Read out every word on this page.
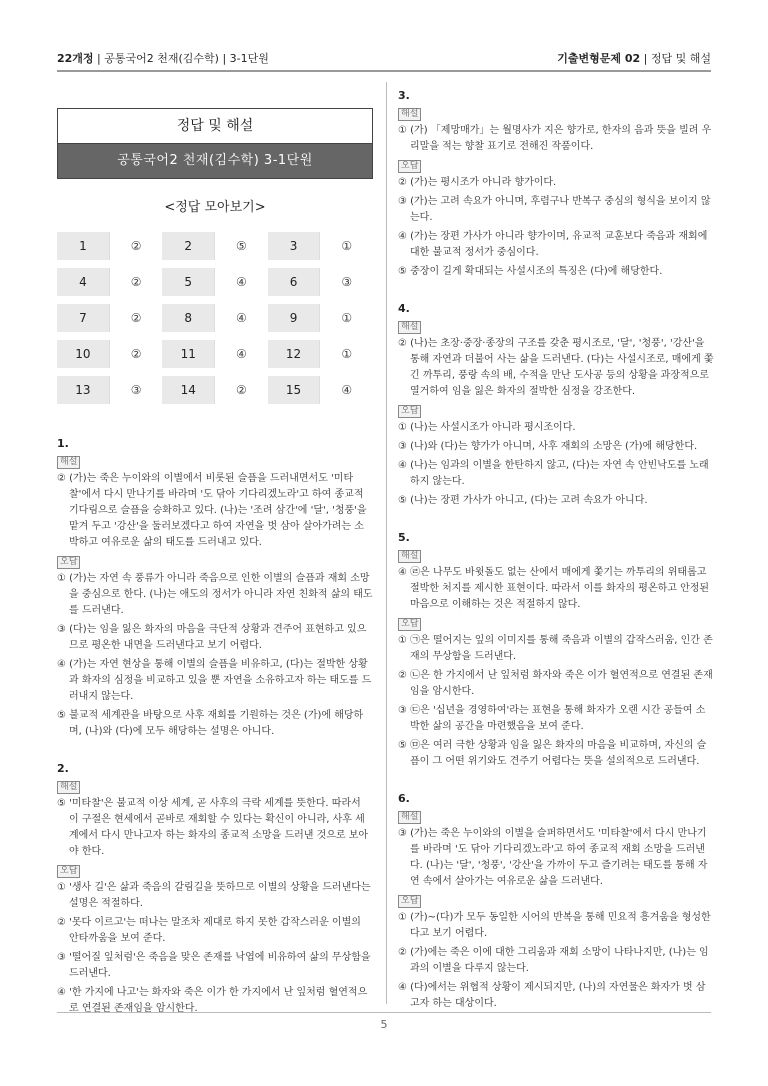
22개정 | 공통국어2 천재(김수학) | 3-1단원	기출변형문제 02 | 정답 및 해설
정답 및 해설
공통국어2 천재(김수학) 3-1단원
<정답 모아보기>
1	②	2	⑤	3	①
4	②	5	④	6	③
7	②	8	④	9	①
10	②	11	④	12	①
13	③	14	②	15	④
1.
해설
② (가)는 죽은 누이와의 이별에서 비롯된 슬픔을 드러내면서도 '미타찰'에서 다시 만나기를 바라며 '도 닦아 기다리겠노라'고 하여 종교적 기다림으로 슬픔을 승화하고 있다. (나)는 '조려 삼간'에 '달', '청풍'을 맡겨 두고 '강산'을 둘러보겠다고 하여 자연을 벗 삼아 살아가려는 소박하고 여유로운 삶의 태도를 드러내고 있다.
오답
① (가)는 자연 속 풍류가 아니라 죽음으로 인한 이별의 슬픔과 재회 소망을 중심으로 한다. (나)는 애도의 정서가 아니라 자연 친화적 삶의 태도를 드러낸다.
③ (다)는 임을 잃은 화자의 마음을 극단적 상황과 견주어 표현하고 있으므로 평온한 내면을 드러낸다고 보기 어렵다.
④ (가)는 자연 현상을 통해 이별의 슬픔을 비유하고, (다)는 절박한 상황과 화자의 심정을 비교하고 있을 뿐 자연을 소유하고자 하는 태도를 드러내지 않는다.
⑤ 불교적 세계관을 바탕으로 사후 재회를 기원하는 것은 (가)에 해당하며, (나)와 (다)에 모두 해당하는 설명은 아니다.
2.
해설
⑤ '미타찰'은 불교적 이상 세계, 곧 사후의 극락 세계를 뜻한다. 따라서 이 구절은 현세에서 곧바로 재회할 수 있다는 확신이 아니라, 사후 세계에서 다시 만나고자 하는 화자의 종교적 소망을 드러낸 것으로 보아야 한다.
오답
① '생사 길'은 삶과 죽음의 갈림길을 뜻하므로 이별의 상황을 드러낸다는 설명은 적절하다.
② '못다 이르고'는 떠나는 말조차 제대로 하지 못한 갑작스러운 이별의 안타까움을 보여 준다.
③ '떨어질 잎처럼'은 죽음을 맞은 존재를 낙엽에 비유하여 삶의 무상함을 드러낸다.
④ '한 가지에 나고'는 화자와 죽은 이가 한 가지에서 난 잎처럼 혈연적으로 연결된 존재임을 암시한다.
3.
해설
① (가) 「제망매가」는 월명사가 지은 향가로, 한자의 음과 뜻을 빌려 우리말을 적는 향찰 표기로 전해진 작품이다.
오답
② (가)는 평시조가 아니라 향가이다.
③ (가)는 고려 속요가 아니며, 후렴구나 반복구 중심의 형식을 보이지 않는다.
④ (가)는 장편 가사가 아니라 향가이며, 유교적 교훈보다 죽음과 재회에 대한 불교적 정서가 중심이다.
⑤ 중장이 길게 확대되는 사설시조의 특징은 (다)에 해당한다.
4.
해설
② (나)는 초장·중장·종장의 구조를 갖춘 평시조로, '달', '청풍', '강산'을 통해 자연과 더불어 사는 삶을 드러낸다. (다)는 사설시조로, 매에게 쫓긴 까투리, 풍랑 속의 배, 수적을 만난 도사공 등의 상황을 과장적으로 열거하여 임을 잃은 화자의 절박한 심정을 강조한다.
오답
① (나)는 사설시조가 아니라 평시조이다.
③ (나)와 (다)는 향가가 아니며, 사후 재회의 소망은 (가)에 해당한다.
④ (나)는 임과의 이별을 한탄하지 않고, (다)는 자연 속 안빈낙도를 노래하지 않는다.
⑤ (나)는 장편 가사가 아니고, (다)는 고려 속요가 아니다.
5.
해설
④ ㉣은 나무도 바윗돌도 없는 산에서 매에게 쫓기는 까투리의 위태롭고 절박한 처지를 제시한 표현이다. 따라서 이를 화자의 평온하고 안정된 마음으로 이해하는 것은 적절하지 않다.
오답
① ㉠은 떨어지는 잎의 이미지를 통해 죽음과 이별의 갑작스러움, 인간 존재의 무상함을 드러낸다.
② ㉡은 한 가지에서 난 잎처럼 화자와 죽은 이가 혈연적으로 연결된 존재임을 암시한다.
③ ㉢은 '십년을 경영하여'라는 표현을 통해 화자가 오랜 시간 공들여 소박한 삶의 공간을 마련했음을 보여 준다.
⑤ ㉤은 여러 극한 상황과 임을 잃은 화자의 마음을 비교하며, 자신의 슬픔이 그 어떤 위기와도 견주기 어렵다는 뜻을 설의적으로 드러낸다.
6.
해설
③ (가)는 죽은 누이와의 이별을 슬퍼하면서도 '미타찰'에서 다시 만나기를 바라며 '도 닦아 기다리겠노라'고 하여 종교적 재회 소망을 드러낸다. (나)는 '달', '청풍', '강산'을 가까이 두고 즐기려는 태도를 통해 자연 속에서 살아가는 여유로운 삶을 드러낸다.
오답
① (가)~(다)가 모두 동일한 시어의 반복을 통해 민요적 흥겨움을 형성한다고 보기 어렵다.
② (가)에는 죽은 이에 대한 그리움과 재회 소망이 나타나지만, (나)는 임과의 이별을 다루지 않는다.
④ (다)에서는 위협적 상황이 제시되지만, (나)의 자연물은 화자가 벗 삼고자 하는 대상이다.
5
